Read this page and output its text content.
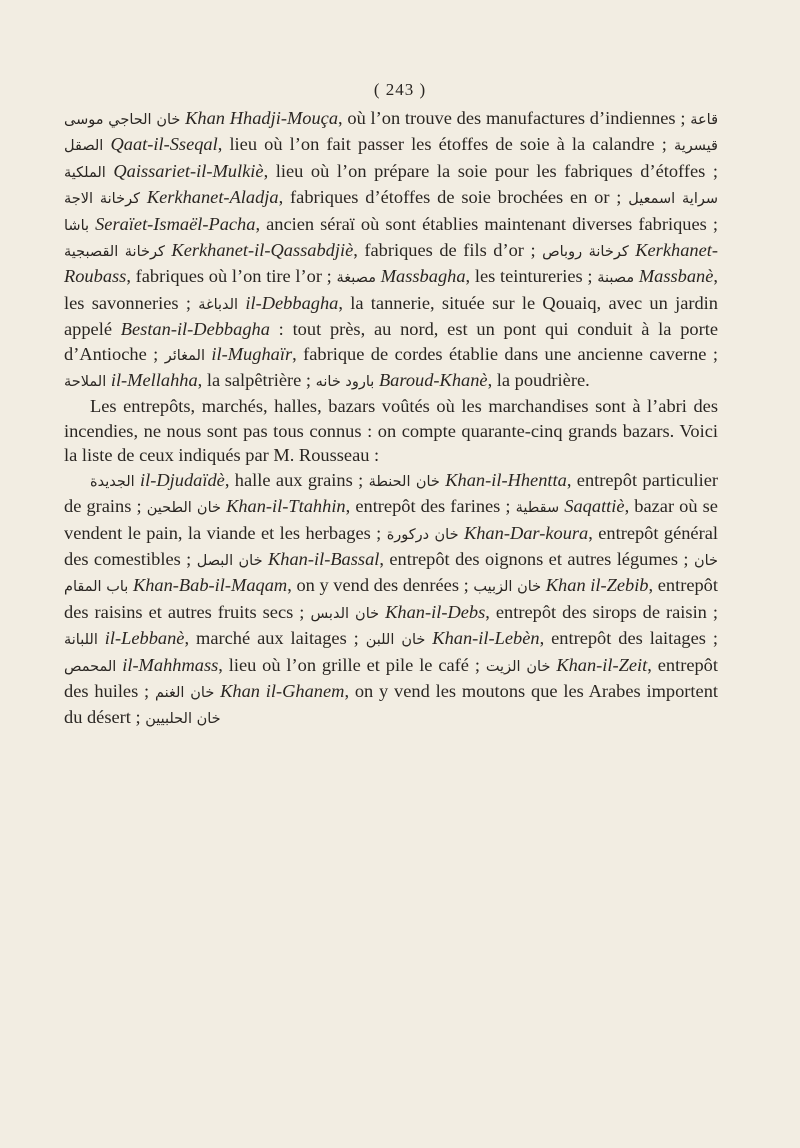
( 243 )

خان الحاجي موسى Khan Hhadji-Mouça, où l’on trouve des manufactures d’indiennes ; قاعة الصقل Qaat-il-Sseqal, lieu où l’on fait passer les étoffes de soie à la calandre ; قيسرية الملكية Qaissariet-il-Mulkiè, lieu où l’on prépare la soie pour les fabriques d’étoffes ; كرخانة الاجة Kerkhanet-Aladja, fabriques d’étoffes de soie brochées en or ; سراية اسمعيل باشا Seraïet-Ismaël-Pacha, ancien séraï où sont établies maintenant diverses fabriques ; كرخانة القصبجية Kerkhanet-il-Qassabdjiè, fabriques de fils d’or ; كرخانة روباص Kerkhanet-Roubass, fabriques où l’on tire l’or ; مصبغة Massbagha, les teintureries ; مصبنة Massbanè, les savonneries ; الدباغة il-Debbagha, la tannerie, située sur le Qouaiq, avec un jardin appelé Bestan-il-Debbagha : tout près, au nord, est un pont qui conduit à la porte d’Antioche ; المغائر il-Mughaïr, fabrique de cordes établie dans une ancienne caverne ; الملاحة il-Mellahha, la salpêtrière ; بارود خانه Baroud-Khanè, la poudrière.

Les entrepôts, marchés, halles, bazars voûtés où les marchandises sont à l’abri des incendies, ne nous sont pas tous connus : on compte quarante-cinq grands bazars. Voici la liste de ceux indiqués par M. Rousseau :

الجديدة il-Djudaïdè, halle aux grains ; خان الحنطة Khan-il-Hhentta, entrepôt particulier de grains ; خان الطحين Khan-il-Ttahhin, entrepôt des farines ; سقطية Saqattiè, bazar où se vendent le pain, la viande et les herbages ; خان دركورة Khan-Dar-koura, entrepôt général des comestibles ; خان البصل Khan-il-Bassal, entrepôt des oignons et autres légumes ; خان باب المقام Khan-Bab-il-Maqam, on y vend des denrées ; خان الزبيب Khan il-Zebib, entrepôt des raisins et autres fruits secs ; خان الدبس Khan-il-Debs, entrepôt des sirops de raisin ; اللبانة il-Lebbanè, marché aux laitages ; خان اللبن Khan-il-Lebèn, entrepôt des laitages ; المحمص il-Mahhmass, lieu où l’on grille et pile le café ; خان الزيت Khan-il-Zeit, entrepôt des huiles ; خان الغنم Khan il-Ghanem, on y vend les moutons que les Arabes importent du désert ; خان الحلبيين
